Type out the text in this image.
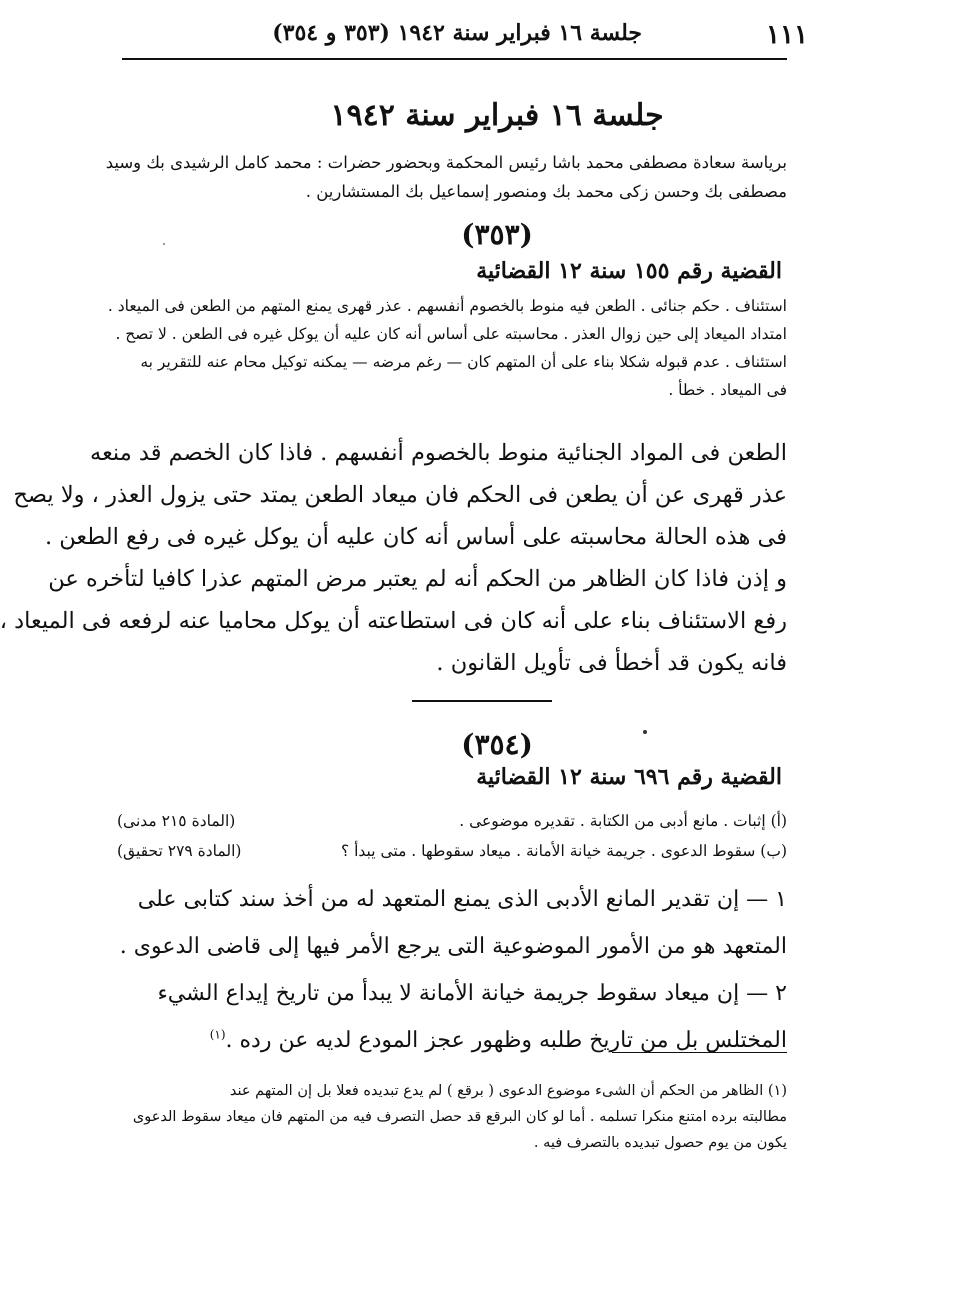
١١١
جلسة ١٦ فبراير سنة ١٩٤٢ (٣٥٣ و ٣٥٤)
جلسة ١٦ فبراير سنة ١٩٤٢
برياسة سعادة مصطفى محمد باشا رئيس المحكمة وبحضور حضرات : محمد كامل الرشيدى بك وسيد
مصطفى بك وحسن زكى محمد بك ومنصور إسماعيل بك المستشارين .
(٣٥٣)
القضية رقم ١٥٥ سنة ١٢ القضائية
استئناف . حكم جنائى . الطعن فيه منوط بالخصوم أنفسهم . عذر قهرى يمنع المتهم من الطعن فى الميعاد .
امتداد الميعاد إلى حين زوال العذر . محاسبته على أساس أنه كان عليه أن يوكل غيره فى الطعن . لا تصح .
استئناف . عدم قبوله شكلا بناء على أن المتهم كان — رغم مرضه — يمكنه توكيل محام عنه للتقرير به
فى الميعاد . خطأ .
الطعن فى المواد الجنائية منوط بالخصوم أنفسهم . فاذا كان الخصم قد منعه
عذر قهرى عن أن يطعن فى الحكم فان ميعاد الطعن يمتد حتى يزول العذر ، ولا يصح
فى هذه الحالة محاسبته على أساس أنه كان عليه أن يوكل غيره فى رفع الطعن .
و إذن فاذا كان الظاهر من الحكم أنه لم يعتبر مرض المتهم عذرا كافيا لتأخره عن
رفع الاستئناف بناء على أنه كان فى استطاعته أن يوكل محاميا عنه لرفعه فى الميعاد ،
فانه يكون قد أخطأ فى تأويل القانون .
(٣٥٤)
القضية رقم ٦٩٦ سنة ١٢ القضائية
(أ) إثبات . مانع أدبى من الكتابة . تقديره موضوعى .
(المادة ٢١٥ مدنى)
(ب) سقوط الدعوى . جريمة خيانة الأمانة . ميعاد سقوطها . متى يبدأ ؟
(المادة ٢٧٩ تحقيق)
١ — إن تقدير المانع الأدبى الذى يمنع المتعهد له من أخذ سند كتابى على
المتعهد هو من الأمور الموضوعية التى يرجع الأمر فيها إلى قاضى الدعوى .
٢ — إن ميعاد سقوط جريمة خيانة الأمانة لا يبدأ من تاريخ إيداع الشيء
المختلس بل من تاريخ طلبه وظهور عجز المودع لديه عن رده .$^{(١)}$
(١) الظاهر من الحكم أن الشىء موضوع الدعوى ( برقع ) لم يدع تبديده فعلا بل إن المتهم عند
مطالبته برده امتنع منكرا تسلمه . أما لو كان البرقع قد حصل التصرف فيه من المتهم فان ميعاد سقوط الدعوى
يكون من يوم حصول تبديده بالتصرف فيه .
